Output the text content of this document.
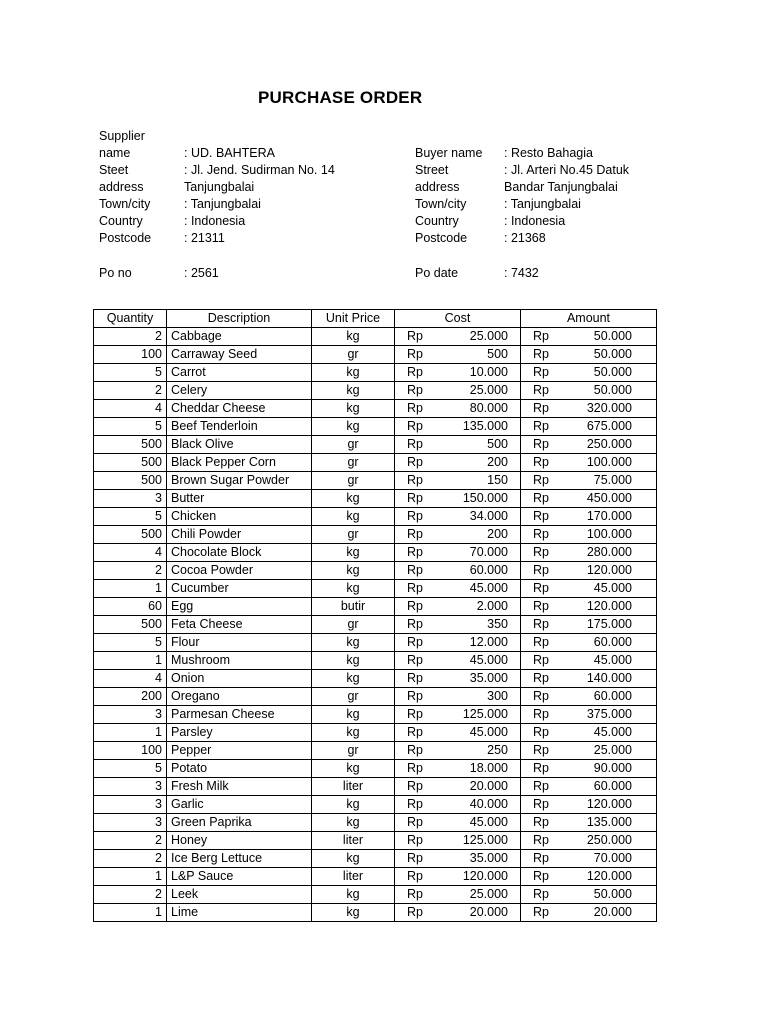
PURCHASE ORDER
Supplier
name	: UD. BAHTERA
Steet
address
: Jl. Jend. Sudirman No. 14
Tanjungbalai
Town/city	: Tanjungbalai
Country	: Indonesia
Postcode	: 21311
Po no	: 2561
Buyer name : Resto Bahagia
Street
address
: Jl. Arteri No.45 Datuk
Bandar Tanjungbalai
Town/city	: Tanjungbalai
Country	: Indonesia
Postcode	: 21368
Po date	: 7432
Quantity	Description	Unit Price	Cost	Amount
2	Cabbage	kg	Rp 25.000	Rp 50.000

100	Carraway Seed	gr	Rp 500	Rp 50.000

5	Carrot	kg	Rp 10.000	Rp 50.000

2	Celery	kg	Rp 25.000	Rp 50.000

4	Cheddar Cheese	kg	Rp 80.000	Rp 320.000

5	Beef Tenderloin	kg	Rp 135.000	Rp 675.000

500	Black Olive	gr	Rp 500	Rp 250.000

500	Black Pepper Corn	gr	Rp 200	Rp 100.000

500	Brown Sugar Powder	gr	Rp 150	Rp 75.000

3	Butter	kg	Rp 150.000	Rp 450.000

5	Chicken	kg	Rp 34.000	Rp 170.000

500	Chili Powder	gr	Rp 200	Rp 100.000

4	Chocolate Block	kg	Rp 70.000	Rp 280.000

2	Cocoa Powder	kg	Rp 60.000	Rp 120.000

1	Cucumber	kg	Rp 45.000	Rp 45.000

60	Egg	butir	Rp 2.000	Rp 120.000

500	Feta Cheese	gr	Rp 350	Rp 175.000

5	Flour	kg	Rp 12.000	Rp 60.000

1	Mushroom	kg	Rp 45.000	Rp 45.000

4	Onion	kg	Rp 35.000	Rp 140.000

200	Oregano	gr	Rp 300	Rp 60.000

3	Parmesan Cheese	kg	Rp 125.000	Rp 375.000

1	Parsley	kg	Rp 45.000	Rp 45.000

100	Pepper	gr	Rp 250	Rp 25.000

5	Potato	kg	Rp 18.000	Rp 90.000

3	Fresh Milk	liter	Rp 20.000	Rp 60.000

3	Garlic	kg	Rp 40.000	Rp 120.000

3	Green Paprika	kg	Rp 45.000	Rp 135.000

2	Honey	liter	Rp 125.000	Rp 250.000

2	Ice Berg Lettuce	kg	Rp 35.000	Rp 70.000

1	L&P Sauce	liter	Rp 120.000	Rp 120.000

2	Leek	kg	Rp 25.000	Rp 50.000

1	Lime	kg	Rp 20.000	Rp 20.000
